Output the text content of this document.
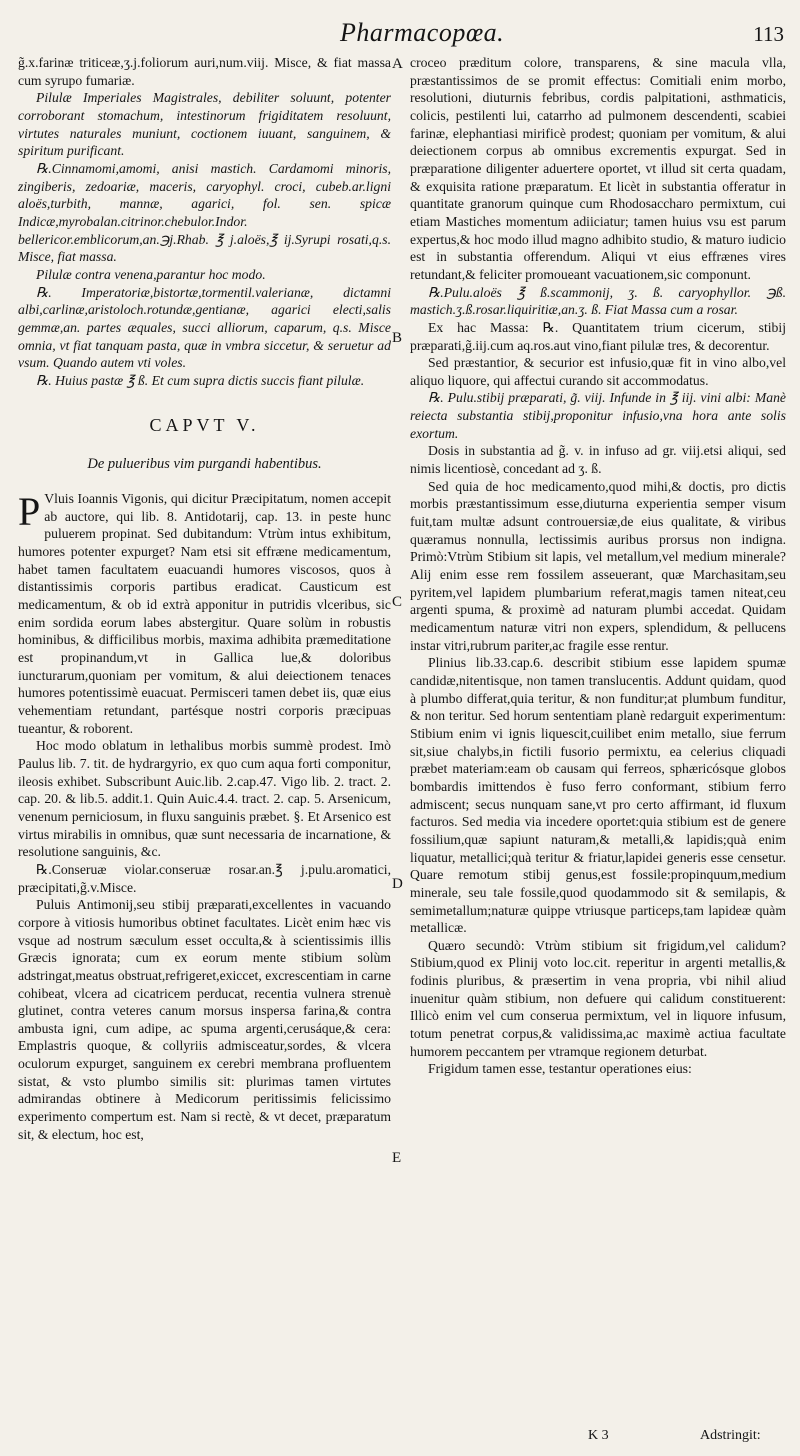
Pharmacopœa.	113

g̃.x.farinæ triticeæ,ʒ.j.foliorum auri,num.viij. Misce, & fiat massa cum syrupo fumariæ.

Pilulæ Imperiales Magistrales, debiliter soluunt, potenter corroborant stomachum, intestinorum frigiditatem resoluunt, virtutes naturales muniunt, coctionem iuuant, sanguinem, & spiritum purificant.

℞.Cinnamomi,amomi, anisi mastich. Cardamomi minoris, zingiberis, zedoariæ, maceris, caryophyl. croci, cubeb.ar.ligni aloës,turbith, mannæ, agarici, fol. sen. spicæ Indicæ,myrobalan.citrinor.chebulor.Indor. bellericor.emblicorum,an.℈j.Rhab. ℥ j.aloës,℥ ij.Syrupi rosati,q.s. Misce, fiat massa.

Pilulæ contra venena,parantur hoc modo.

℞. Imperatoriæ,bistortæ,tormentil.valerianæ, dictamni albi,carlinæ,aristoloch.rotundæ,gentianæ, agarici electi,salis gemmæ,an. partes æquales, succi alliorum, caparum, q.s. Misce omnia, vt fiat tanquam pasta, quæ in vmbra siccetur, & seruetur ad vsum. Quando autem vti voles.

℞. Huius pastæ ℥ ß. Et cum supra dictis succis fiant pilulæ.

CAPVT V.
De pulueribus vim purgandi habentibus.

P Vluis Ioannis Vigonis, qui dicitur Præcipitatum, nomen accepit ab auctore, qui lib. 8. Antidotarij, cap. 13. in peste hunc puluerem propinat. Sed dubitandum: Vtrùm intus exhibitum, humores potenter expurget? Nam etsi sit effræne medicamentum, habet tamen facultatem euacuandi humores viscosos, quos à distantissimis corporis partibus eradicat. Causticum est medicamentum, & ob id extrà apponitur in putridis vlceribus, sic enim sordida eorum labes abstergitur. Quare solùm in robustis hominibus, & difficilibus morbis, maxima adhibita præmeditatione est propinandum,vt in Gallica lue,& doloribus iuncturarum,quoniam per vomitum, & alui deiectionem tenaces humores potentissimè euacuat. Permisceri tamen debet iis, quæ eius vehementiam retundant, partésque nostri corporis præcipuas tueantur, & roborent.

Hoc modo oblatum in lethalibus morbis summè prodest. Imò Paulus lib. 7. tit. de hydrargyrio, ex quo cum aqua forti componitur, ileosis exhibet. Subscribunt Auic.lib. 2.cap.47. Vigo lib. 2. tract. 2. cap. 20. & lib.5. addit.1. Quin Auic.4.4. tract. 2. cap. 5. Arsenicum, venenum perniciosum, in fluxu sanguinis præbet. §. Et Arsenico est virtus mirabilis in omnibus, quæ sunt necessaria de incarnatione, & resolutione sanguinis, &c.

℞.Conseruæ violar.conseruæ rosar.an.℥ j.pulu.aromatici, præcipitati,g̃.v.Misce.

Puluis Antimonij,seu stibij præparati,excellentes in vacuando corpore à vitiosis humoribus obtinet facultates. Licèt enim hæc vis vsque ad nostrum sæculum esset occulta,& à scientissimis illis Græcis ignorata; cum ex eorum mente stibium solùm adstringat,meatus obstruat,refrigeret,exiccet, excrescentiam in carne cohibeat, vlcera ad cicatricem perducat, recentia vulnera strenuè glutinet, contra veteres canum morsus inspersa farina,& contra ambusta igni, cum adipe, ac spuma argenti,cerusáque,& cera: Emplastris quoque, & collyriis admisceatur,sordes, & vlcera oculorum expurget, sanguinem ex cerebri membrana profluentem sistat, & vsto plumbo similis sit: plurimas tamen virtutes admirandas obtinere à Medicorum peritissimis felicissimo experimento compertum est. Nam si rectè, & vt decet, præparatum sit, & electum, hoc est,

A
B
C
D
E

croceo præditum colore, transparens, & sine macula vlla, præstantissimos de se promit effectus: Comitiali enim morbo, resolutioni, diuturnis febribus, cordis palpitationi, asthmaticis, colicis, pestilenti lui, catarrho ad pulmonem descendenti, scabiei farinæ, elephantiasi mirificè prodest; quoniam per vomitum, & alui deiectionem corpus ab omnibus excrementis expurgat. Sed in præparatione diligenter aduertere oportet, vt illud sit certa quadam, & exquisita ratione præparatum. Et licèt in substantia offeratur in quantitate granorum quinque cum Rhodosaccharo permixtum, cui etiam Mastiches momentum adiiciatur; tamen huius vsu est parum expertus,& hoc modo illud magno adhibito studio, & maturo iudicio est in substantia offerendum. Aliqui vt eius effrænes vires retundant,& feliciter promoueant vacuationem,sic componunt.

℞.Pulu.aloës ℥ ß.scammonij, ʒ. ß. caryophyllor. ℈ß. mastich.ʒ.ß.rosar.liquiritiæ,an.ʒ. ß. Fiat Massa cum a rosar.

Ex hac Massa: ℞. Quantitatem trium cicerum, stibij præparati,g̃.iij.cum aq.ros.aut vino,fiant pilulæ tres, & decorentur.

Sed præstantior, & securior est infusio,quæ fit in vino albo,vel aliquo liquore, qui affectui curando sit accommodatus.

℞. Pulu.stibij præparati, g̃. viij. Infunde in ℥ iij. vini albi: Manè reiecta substantia stibij,proponitur infusio,vna hora ante solis exortum.

Dosis in substantia ad g̃. v. in infuso ad gr. viij.etsi aliqui, sed nimis licentiosè, concedant ad ʒ. ß.

Sed quia de hoc medicamento,quod mihi,& doctis, pro dictis morbis præstantissimum esse,diuturna experientia semper visum fuit,tam multæ adsunt controuersiæ,de eius qualitate, & viribus quæramus nonnulla, lectissimis auribus prorsus non indigna. Primò:Vtrùm Stibium sit lapis, vel metallum,vel medium minerale? Alij enim esse rem fossilem asseuerant, quæ Marchasitam,seu pyritem,vel lapidem plumbarium referat,magis tamen niteat,ceu argenti spuma, & proximè ad naturam plumbi accedat. Quidam medicamentum naturæ vitri non expers, splendidum, & pellucens instar vitri,rubrum pariter,ac fragile esse rentur.

Plinius lib.33.cap.6. describit stibium esse lapidem spumæ candidæ,nitentisque, non tamen translucentis. Addunt quidam, quod à plumbo differat,quia teritur, & non funditur;at plumbum funditur, & non teritur. Sed horum sententiam planè redarguit experimentum: Stibium enim vi ignis liquescit,cuilibet enim metallo, siue ferrum sit,siue chalybs,in fictili fusorio permixtu, ea celerius cliquadi præbet materiam:eam ob causam qui ferreos, sphæricósque globos bombardis imittendos è fuso ferro conformant, stibium ferro admiscent; secus nunquam sane,vt pro certo affirmant, id fluxum facturos. Sed media via incedere oportet:quia stibium est de genere fossilium,quæ sapiunt naturam,& metalli,& lapidis;quà enim liquatur, metallici;quà teritur & friatur,lapidei generis esse censetur. Quare remotum stibij genus,est fossile:propinquum,medium minerale, seu tale fossile,quod quodammodo sit & semilapis, & semimetallum;naturæ quippe vtriusque particeps,tam lapideæ quàm metallicæ.

Quæro secundò: Vtrùm stibium sit frigidum,vel calidum?Stibium,quod ex Plinij voto loc.cit. reperitur in argenti metallis,& fodinis pluribus, & præsertim in vena propria, vbi nihil aliud inuenitur quàm stibium, non defuere qui calidum constituerent: Illicò enim vel cum conserua permixtum, vel in liquore infusum, totum penetrat corpus,& validissima,ac maximè actiua facultate humorem peccantem per vtramque regionem deturbat.

Frigidum tamen esse, testantur operationes eius:

K 3	Adstringit:
